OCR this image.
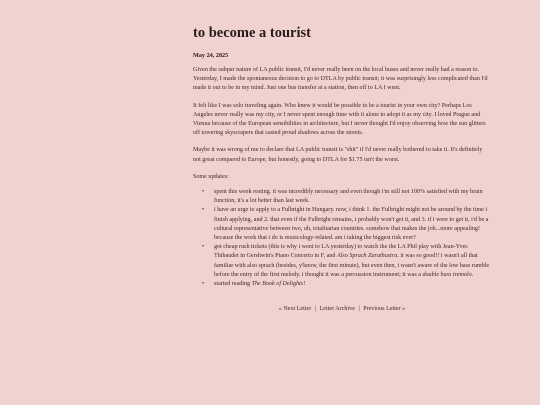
to become a tourist
May 24, 2025

Given the subpar nature of LA public transit, I'd never really been on the local buses and never really had a reason to. Yesterday, I made the spontaneous decision to go to DTLA by public transit; it was surprisingly less complicated than I'd made it out to be in my mind. Just one bus transfer at a station, then off to LA I went.

It felt like I was solo traveling again. Who knew it would be possible to be a tourist in your own city? Perhaps Los Angeles never really was my city, or I never spent enough time with it alone to adopt it as my city. I loved Prague and Vienna because of the European sensibilities in architecture, but I never thought I'd enjoy observing how the sun glitters off towering skyscrapers that casted proud shadows across the streets.

Maybe it was wrong of me to declare that LA public transit is "shit" if I'd never really bothered to take it. It's definitely not great compared to Europe, but honestly, going to DTLA for $1.75 isn't the worst.

Some updates:

• spent this week resting. it was incredibly necessary and even though i'm still not 100% satisfied with my brain function, it's a lot better than last week.
• i have an urge to apply to a Fulbright in Hungary. now, i think 1. the Fulbright might not be around by the time i finish applying, and 2. that even if the Fulbright remains, i probably won't get it, and 3. if i were to get it, i'd be a cultural representative between two, uh, totalitarian countries. somehow that makes the job...more appealing! because the work that i do is musicology-related. am i taking the biggest risk ever?
• got cheap rush tickets (this is why i went to LA yesterday) to watch the the LA Phil play with Jean-Yves Thibaudet in Gershwin's Piano Concerto in F, and Also Sprach Zarathustra. it was so good!! i wasn't all that familiar with also sprach (besides, y'know, the first minute), but even then, i wasn't aware of the low bass rumble before the entry of the first melody. i thought it was a percussion instrument; it was a double bass tremolo.
• started reading The Book of Delights!
« Next Letter | Letter Archive | Previous Letter »
